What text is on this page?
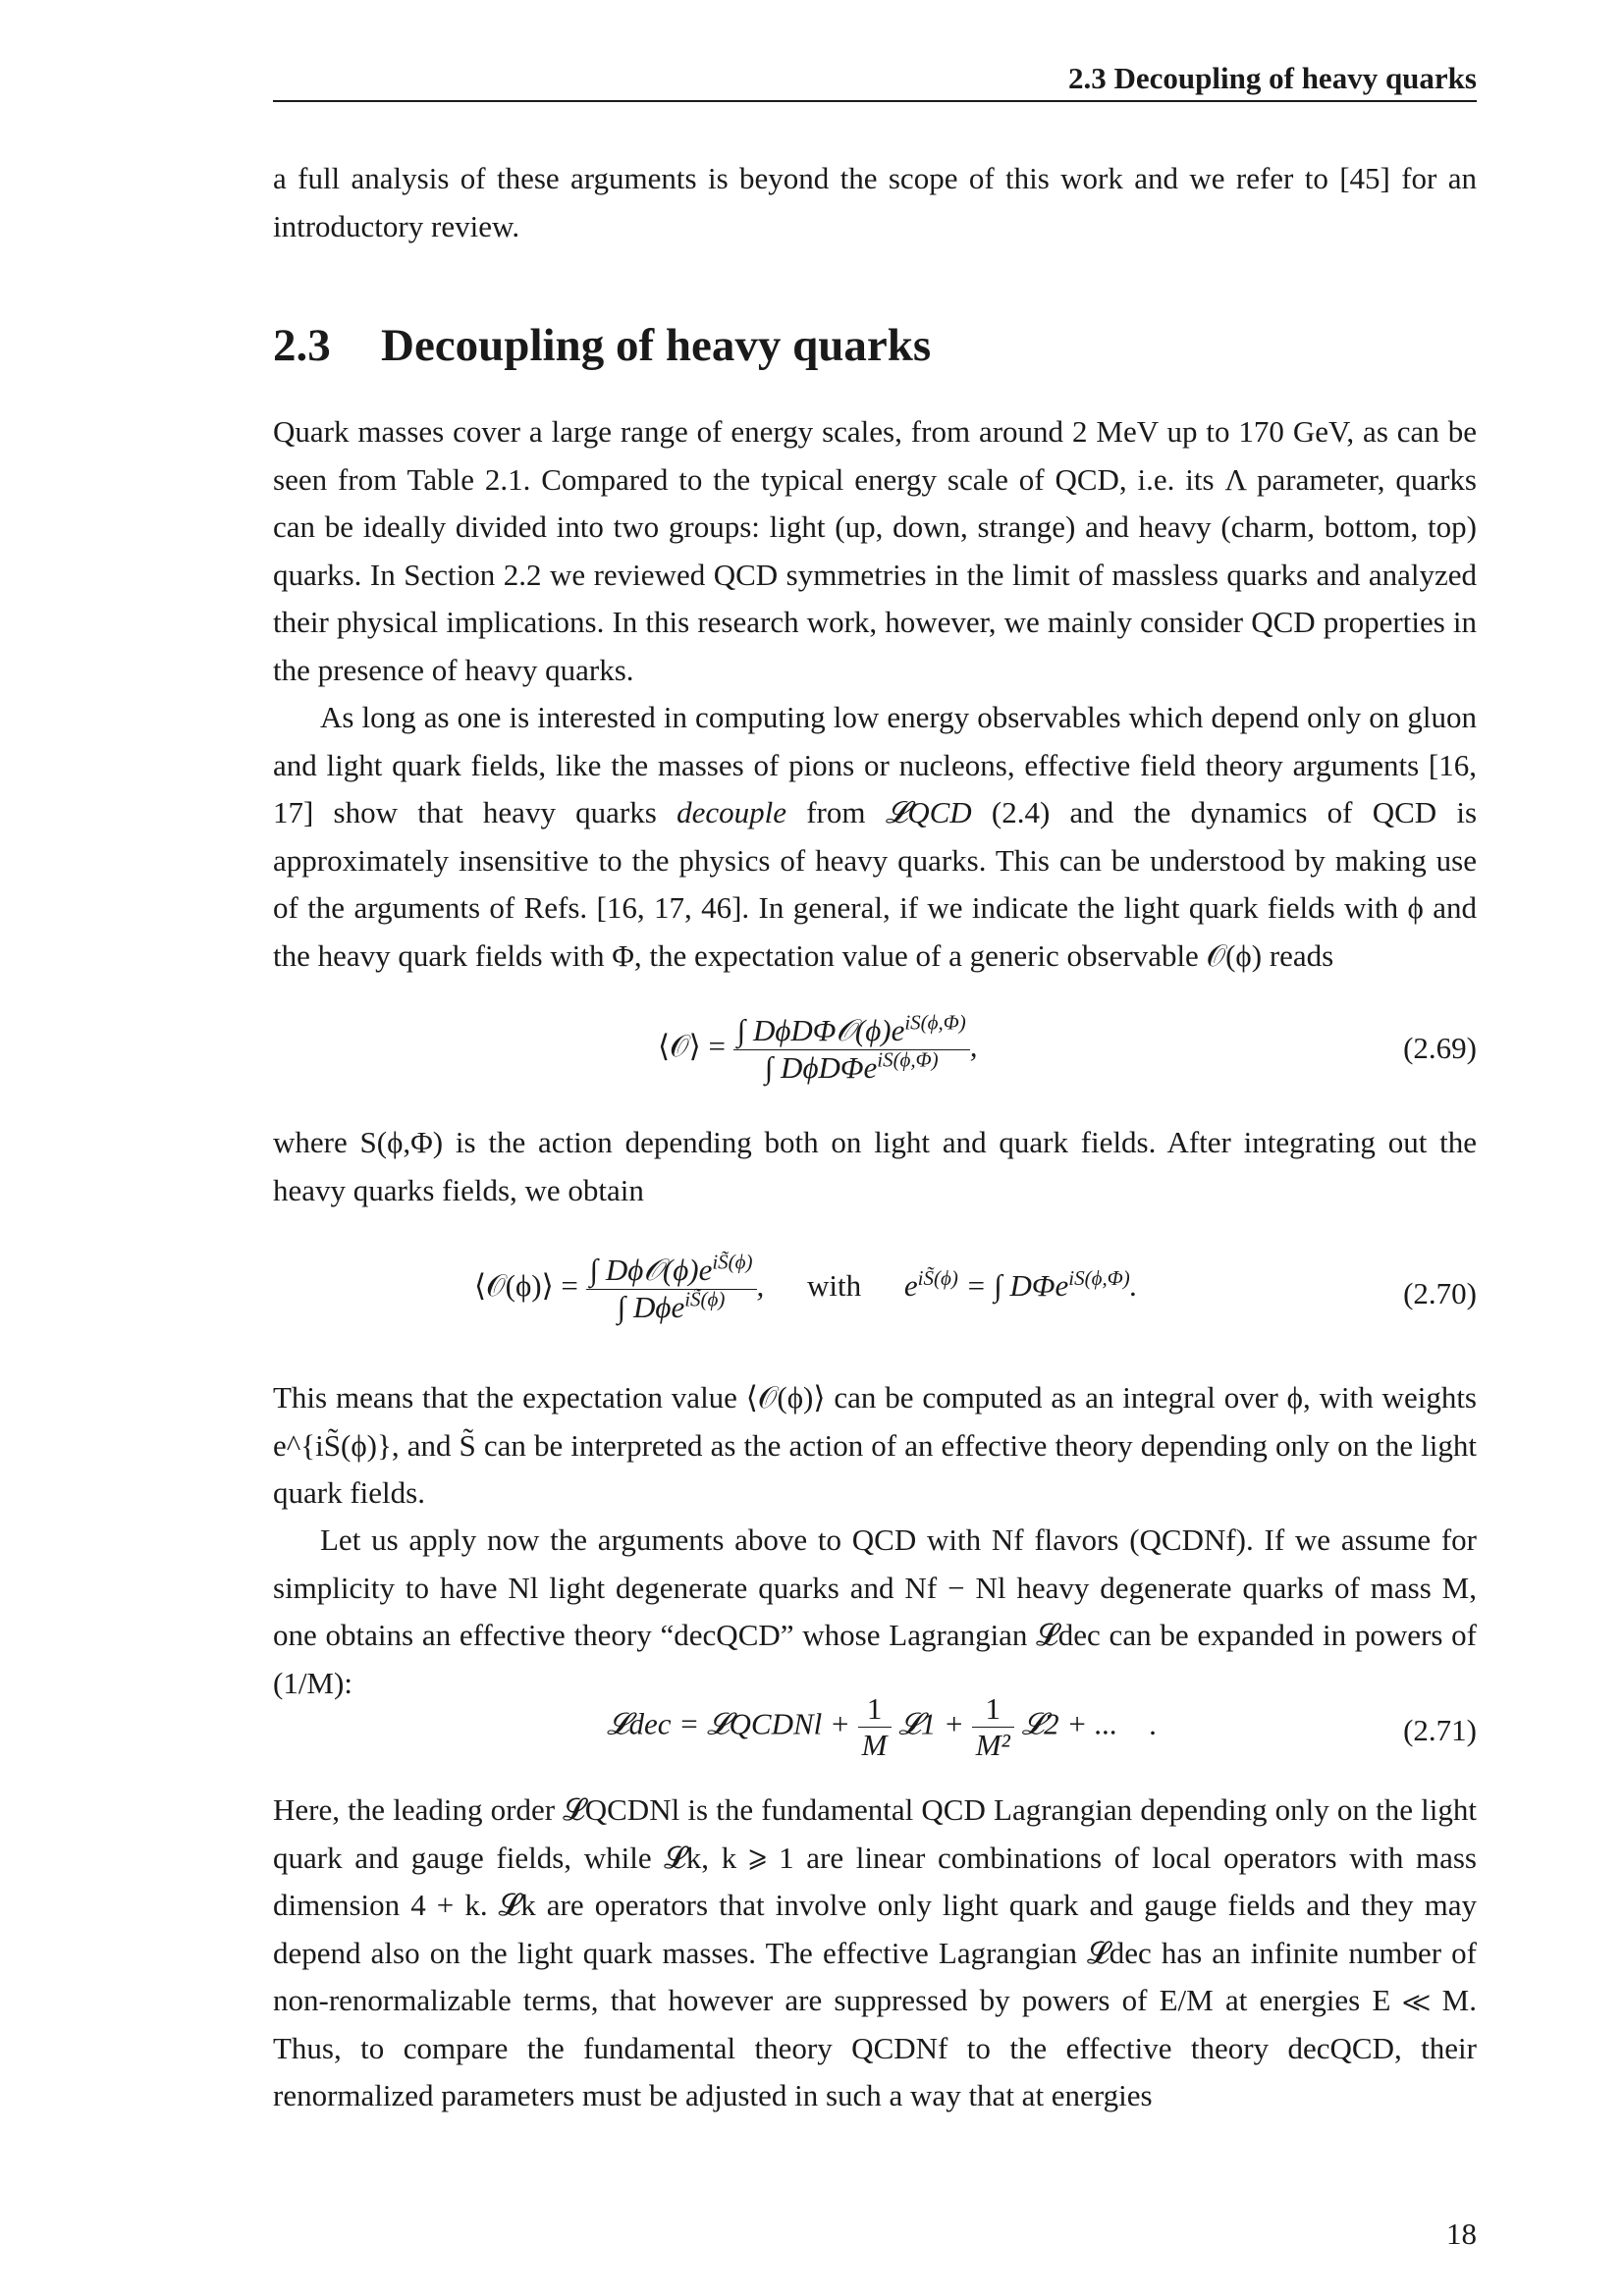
2.3 Decoupling of heavy quarks

a full analysis of these arguments is beyond the scope of this work and we refer to [45] for an introductory review.

2.3 Decoupling of heavy quarks

Quark masses cover a large range of energy scales, from around 2 MeV up to 170 GeV, as can be seen from Table 2.1. Compared to the typical energy scale of QCD, i.e. its Λ parameter, quarks can be ideally divided into two groups: light (up, down, strange) and heavy (charm, bottom, top) quarks. In Section 2.2 we reviewed QCD symmetries in the limit of massless quarks and analyzed their physical implications. In this research work, however, we mainly consider QCD properties in the presence of heavy quarks.

As long as one is interested in computing low energy observables which depend only on gluon and light quark fields, like the masses of pions or nucleons, effective field theory arguments [16, 17] show that heavy quarks decouple from 𝓛QCD (2.4) and the dynamics of QCD is approximately insensitive to the physics of heavy quarks. This can be understood by making use of the arguments of Refs. [16, 17, 46]. In general, if we indicate the light quark fields with ϕ and the heavy quark fields with Φ, the expectation value of a generic observable 𝒪(ϕ) reads

⟨𝒪⟩ = $\frac{\int D\phi D\Phi 𝒪(\phi)e^{iS(\phi,\Phi)}}{\int D\phi D\Phi e^{iS(\phi,\Phi)}}$ ,	(2.69)

where S(ϕ,Φ) is the action depending both on light and quark fields. After integrating out the heavy quarks fields, we obtain

⟨𝒪(ϕ)⟩ = $\frac{\int D\phi 𝒪(\phi)e^{iS̃(\phi)}}{\int D\phi e^{iS̃(\phi)}}$ , with $e^{iS̃(\phi)}$ = ∫ DΦe$^{iS(\phi,\Phi)}$.	(2.70)

This means that the expectation value ⟨𝒪(ϕ)⟩ can be computed as an integral over ϕ, with weights e^{iS̃(ϕ)}, and S̃ can be interpreted as the action of an effective theory depending only on the light quark fields.

Let us apply now the arguments above to QCD with Nf flavors (QCDNf). If we assume for simplicity to have Nl light degenerate quarks and Nf − Nl heavy degenerate quarks of mass M, one obtains an effective theory “decQCD” whose Lagrangian 𝓛dec can be expanded in powers of (1/M):

𝓛dec = 𝓛QCDNl + $\frac{1}{M}$ 𝓛1 + $\frac{1}{\text{M²}}$ 𝓛2 + ... .	(2.71)

Here, the leading order 𝓛QCDNl is the fundamental QCD Lagrangian depending only on the light quark and gauge fields, while 𝓛k, k ⩾ 1 are linear combinations of local operators with mass dimension 4 + k. 𝓛k are operators that involve only light quark and gauge fields and they may depend also on the light quark masses. The effective Lagrangian 𝓛dec has an infinite number of non-renormalizable terms, that however are suppressed by powers of E/M at energies E ≪ M. Thus, to compare the fundamental theory QCDNf to the effective theory decQCD, their renormalized parameters must be adjusted in such a way that at energies

18
